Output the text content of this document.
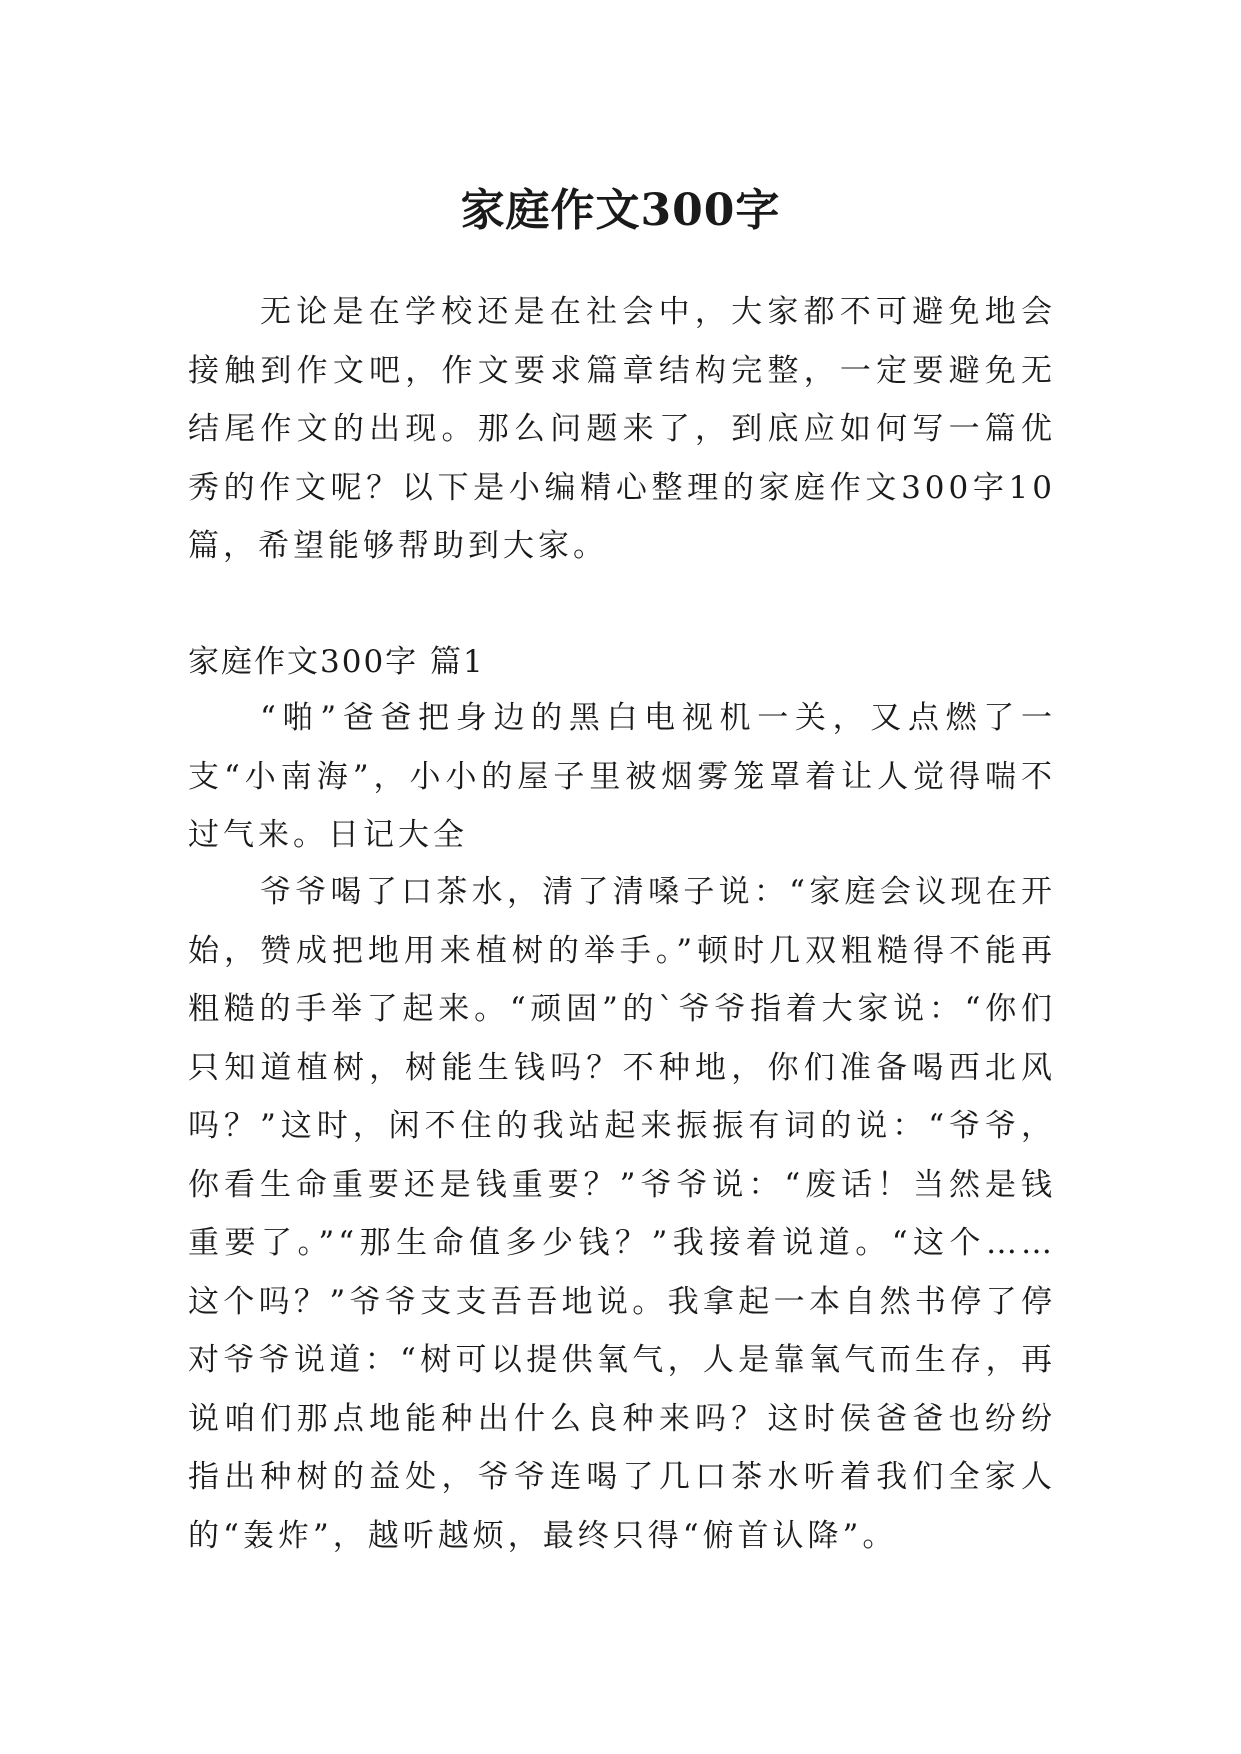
家庭作文300字

无论是在学校还是在社会中，大家都不可避免地会接触到作文吧，作文要求篇章结构完整，一定要避免无结尾作文的出现。那么问题来了，到底应如何写一篇优秀的作文呢？以下是小编精心整理的家庭作文300字10篇，希望能够帮助到大家。

家庭作文300字 篇1

“啪”爸爸把身边的黑白电视机一关，又点燃了一支“小南海”，小小的屋子里被烟雾笼罩着让人觉得喘不过气来。日记大全

爷爷喝了口茶水，清了清嗓子说：“家庭会议现在开始，赞成把地用来植树的举手。”顿时几双粗糙得不能再粗糙的手举了起来。“顽固”的`爷爷指着大家说：“你们只知道植树，树能生钱吗？不种地，你们准备喝西北风吗？”这时，闲不住的我站起来振振有词的说：“爷爷，你看生命重要还是钱重要？”爷爷说：“废话！当然是钱重要了。”“那生命值多少钱？”我接着说道。“这个……这个吗？”爷爷支支吾吾地说。我拿起一本自然书停了停对爷爷说道：“树可以提供氧气，人是靠氧气而生存，再说咱们那点地能种出什么良种来吗？这时侯爸爸也纷纷指出种树的益处，爷爷连喝了几口茶水听着我们全家人的“轰炸”，越听越烦，最终只得“俯首认降”。
